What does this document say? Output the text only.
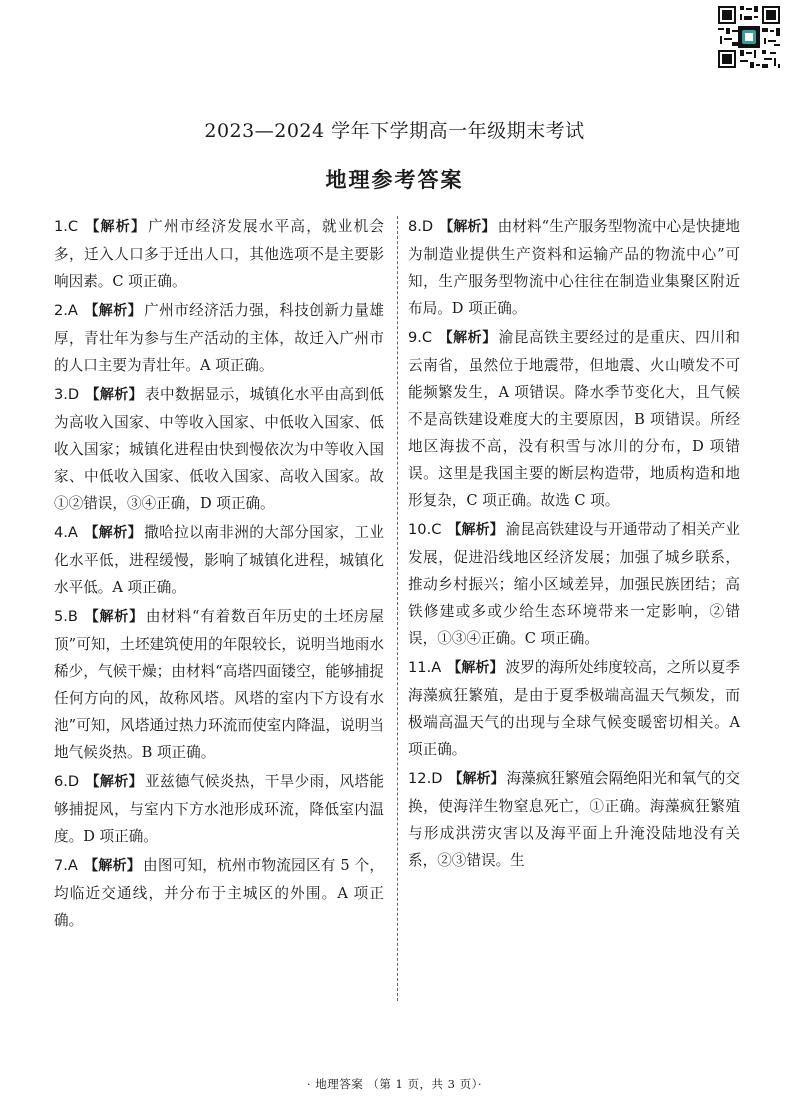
2023—2024 学年下学期高一年级期末考试
地理参考答案
1.C 【解析】 广州市经济发展水平高，就业机会多，迁入人口多于迁出人口，其他选项不是主要影响因素。C 项正确。
2.A 【解析】 广州市经济活力强，科技创新力量雄厚，青壮年为参与生产活动的主体，故迁入广州市的人口主要为青壮年。A 项正确。
3.D 【解析】 表中数据显示，城镇化水平由高到低为高收入国家、中等收入国家、中低收入国家、低收入国家；城镇化进程由快到慢依次为中等收入国家、中低收入国家、低收入国家、高收入国家。故①②错误，③④正确，D 项正确。
4.A 【解析】 撒哈拉以南非洲的大部分国家，工业化水平低，进程缓慢，影响了城镇化进程，城镇化水平低。A 项正确。
5.B 【解析】 由材料“有着数百年历史的土坯房屋顶”可知，土坯建筑使用的年限较长，说明当地雨水稀少，气候干燥；由材料“高塔四面镂空，能够捕捉任何方向的风，故称风塔。风塔的室内下方设有水池”可知，风塔通过热力环流而使室内降温，说明当地气候炎热。B 项正确。
6.D 【解析】 亚兹德气候炎热，干旱少雨，风塔能够捕捉风，与室内下方水池形成环流，降低室内温度。D 项正确。
7.A 【解析】 由图可知，杭州市物流园区有 5 个，均临近交通线，并分布于主城区的外围。A 项正确。
8.D 【解析】 由材料“生产服务型物流中心是快捷地为制造业提供生产资料和运输产品的物流中心”可知，生产服务型物流中心往往在制造业集聚区附近布局。D 项正确。
9.C 【解析】 渝昆高铁主要经过的是重庆、四川和云南省，虽然位于地震带，但地震、火山喷发不可能频繁发生，A 项错误。降水季节变化大，且气候不是高铁建设难度大的主要原因，B 项错误。所经地区海拔不高，没有积雪与冰川的分布，D 项错误。这里是我国主要的断层构造带，地质构造和地形复杂，C 项正确。故选 C 项。
10.C 【解析】 渝昆高铁建设与开通带动了相关产业发展，促进沿线地区经济发展；加强了城乡联系，推动乡村振兴；缩小区域差异，加强民族团结；高铁修建或多或少给生态环境带来一定影响，②错误，①③④正确。C 项正确。
11.A 【解析】 波罗的海所处纬度较高，之所以夏季海藻疯狂繁殖，是由于夏季极端高温天气频发，而极端高温天气的出现与全球气候变暖密切相关。A 项正确。
12.D 【解析】 海藻疯狂繁殖会隔绝阳光和氧气的交换，使海洋生物窒息死亡，①正确。海藻疯狂繁殖与形成洪涝灾害以及海平面上升淹没陆地没有关系，②③错误。生
· 地理答案 （第 1 页，共 3 页）·
